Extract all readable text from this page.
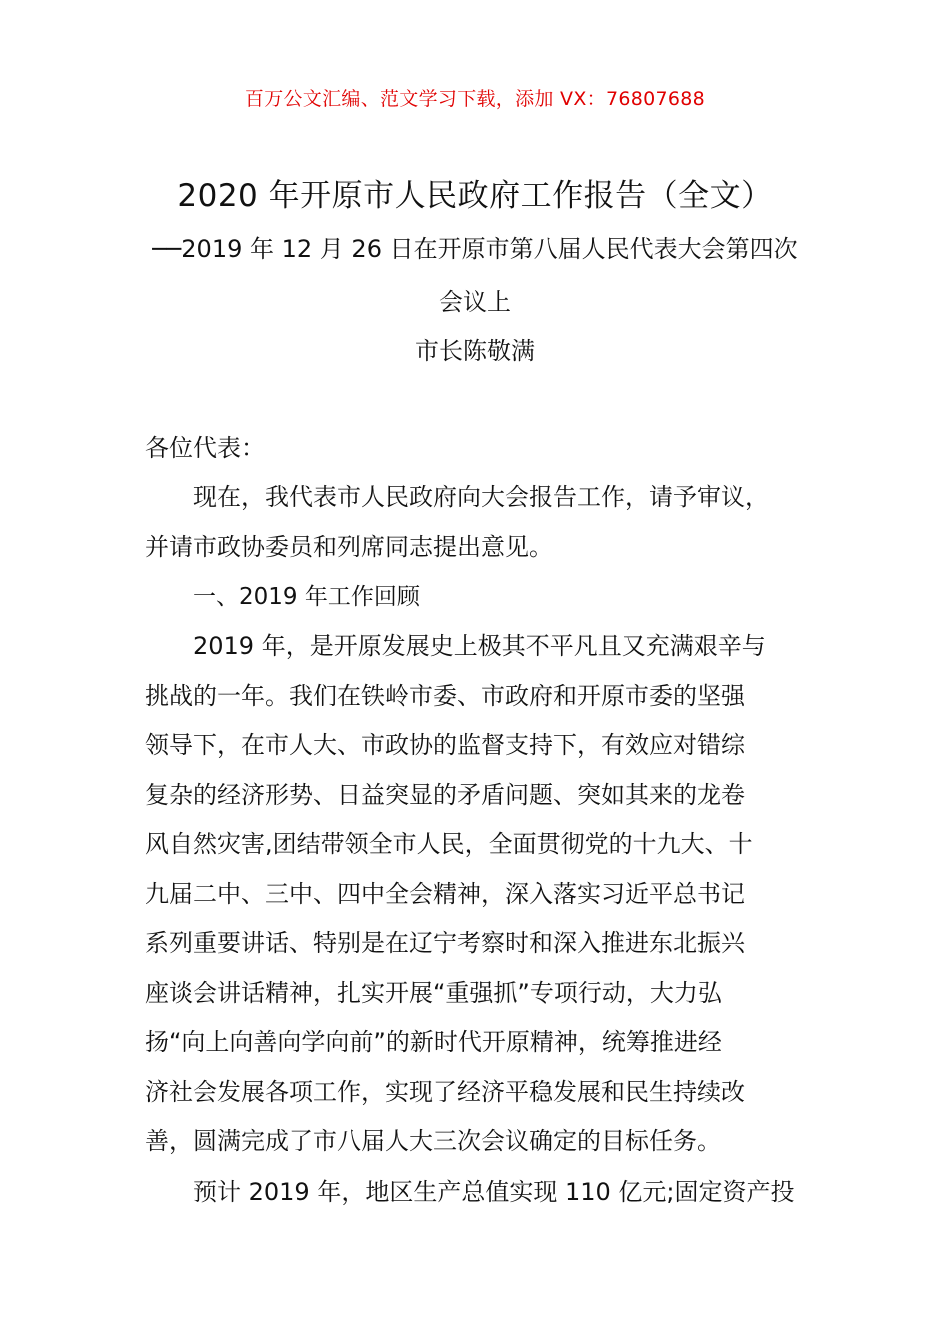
百万公文汇编、范文学习下载，添加 VX：76807688
2020 年开原市人民政府工作报告（全文）
──2019 年 12 月 26 日在开原市第八届人民代表大会第四次
会议上
市长陈敬满
各位代表：
现在，我代表市人民政府向大会报告工作，请予审议，
并请市政协委员和列席同志提出意见。
一、2019 年工作回顾
2019 年，是开原发展史上极其不平凡且又充满艰辛与
挑战的一年。我们在铁岭市委、市政府和开原市委的坚强
领导下，在市人大、市政协的监督支持下，有效应对错综
复杂的经济形势、日益突显的矛盾问题、突如其来的龙卷
风自然灾害,团结带领全市人民，全面贯彻党的十九大、十
九届二中、三中、四中全会精神，深入落实习近平总书记
系列重要讲话、特别是在辽宁考察时和深入推进东北振兴
座谈会讲话精神，扎实开展“重强抓”专项行动，大力弘
扬“向上向善向学向前”的新时代开原精神，统筹推进经
济社会发展各项工作，实现了经济平稳发展和民生持续改
善，圆满完成了市八届人大三次会议确定的目标任务。
预计 2019 年，地区生产总值实现 110 亿元;固定资产投
